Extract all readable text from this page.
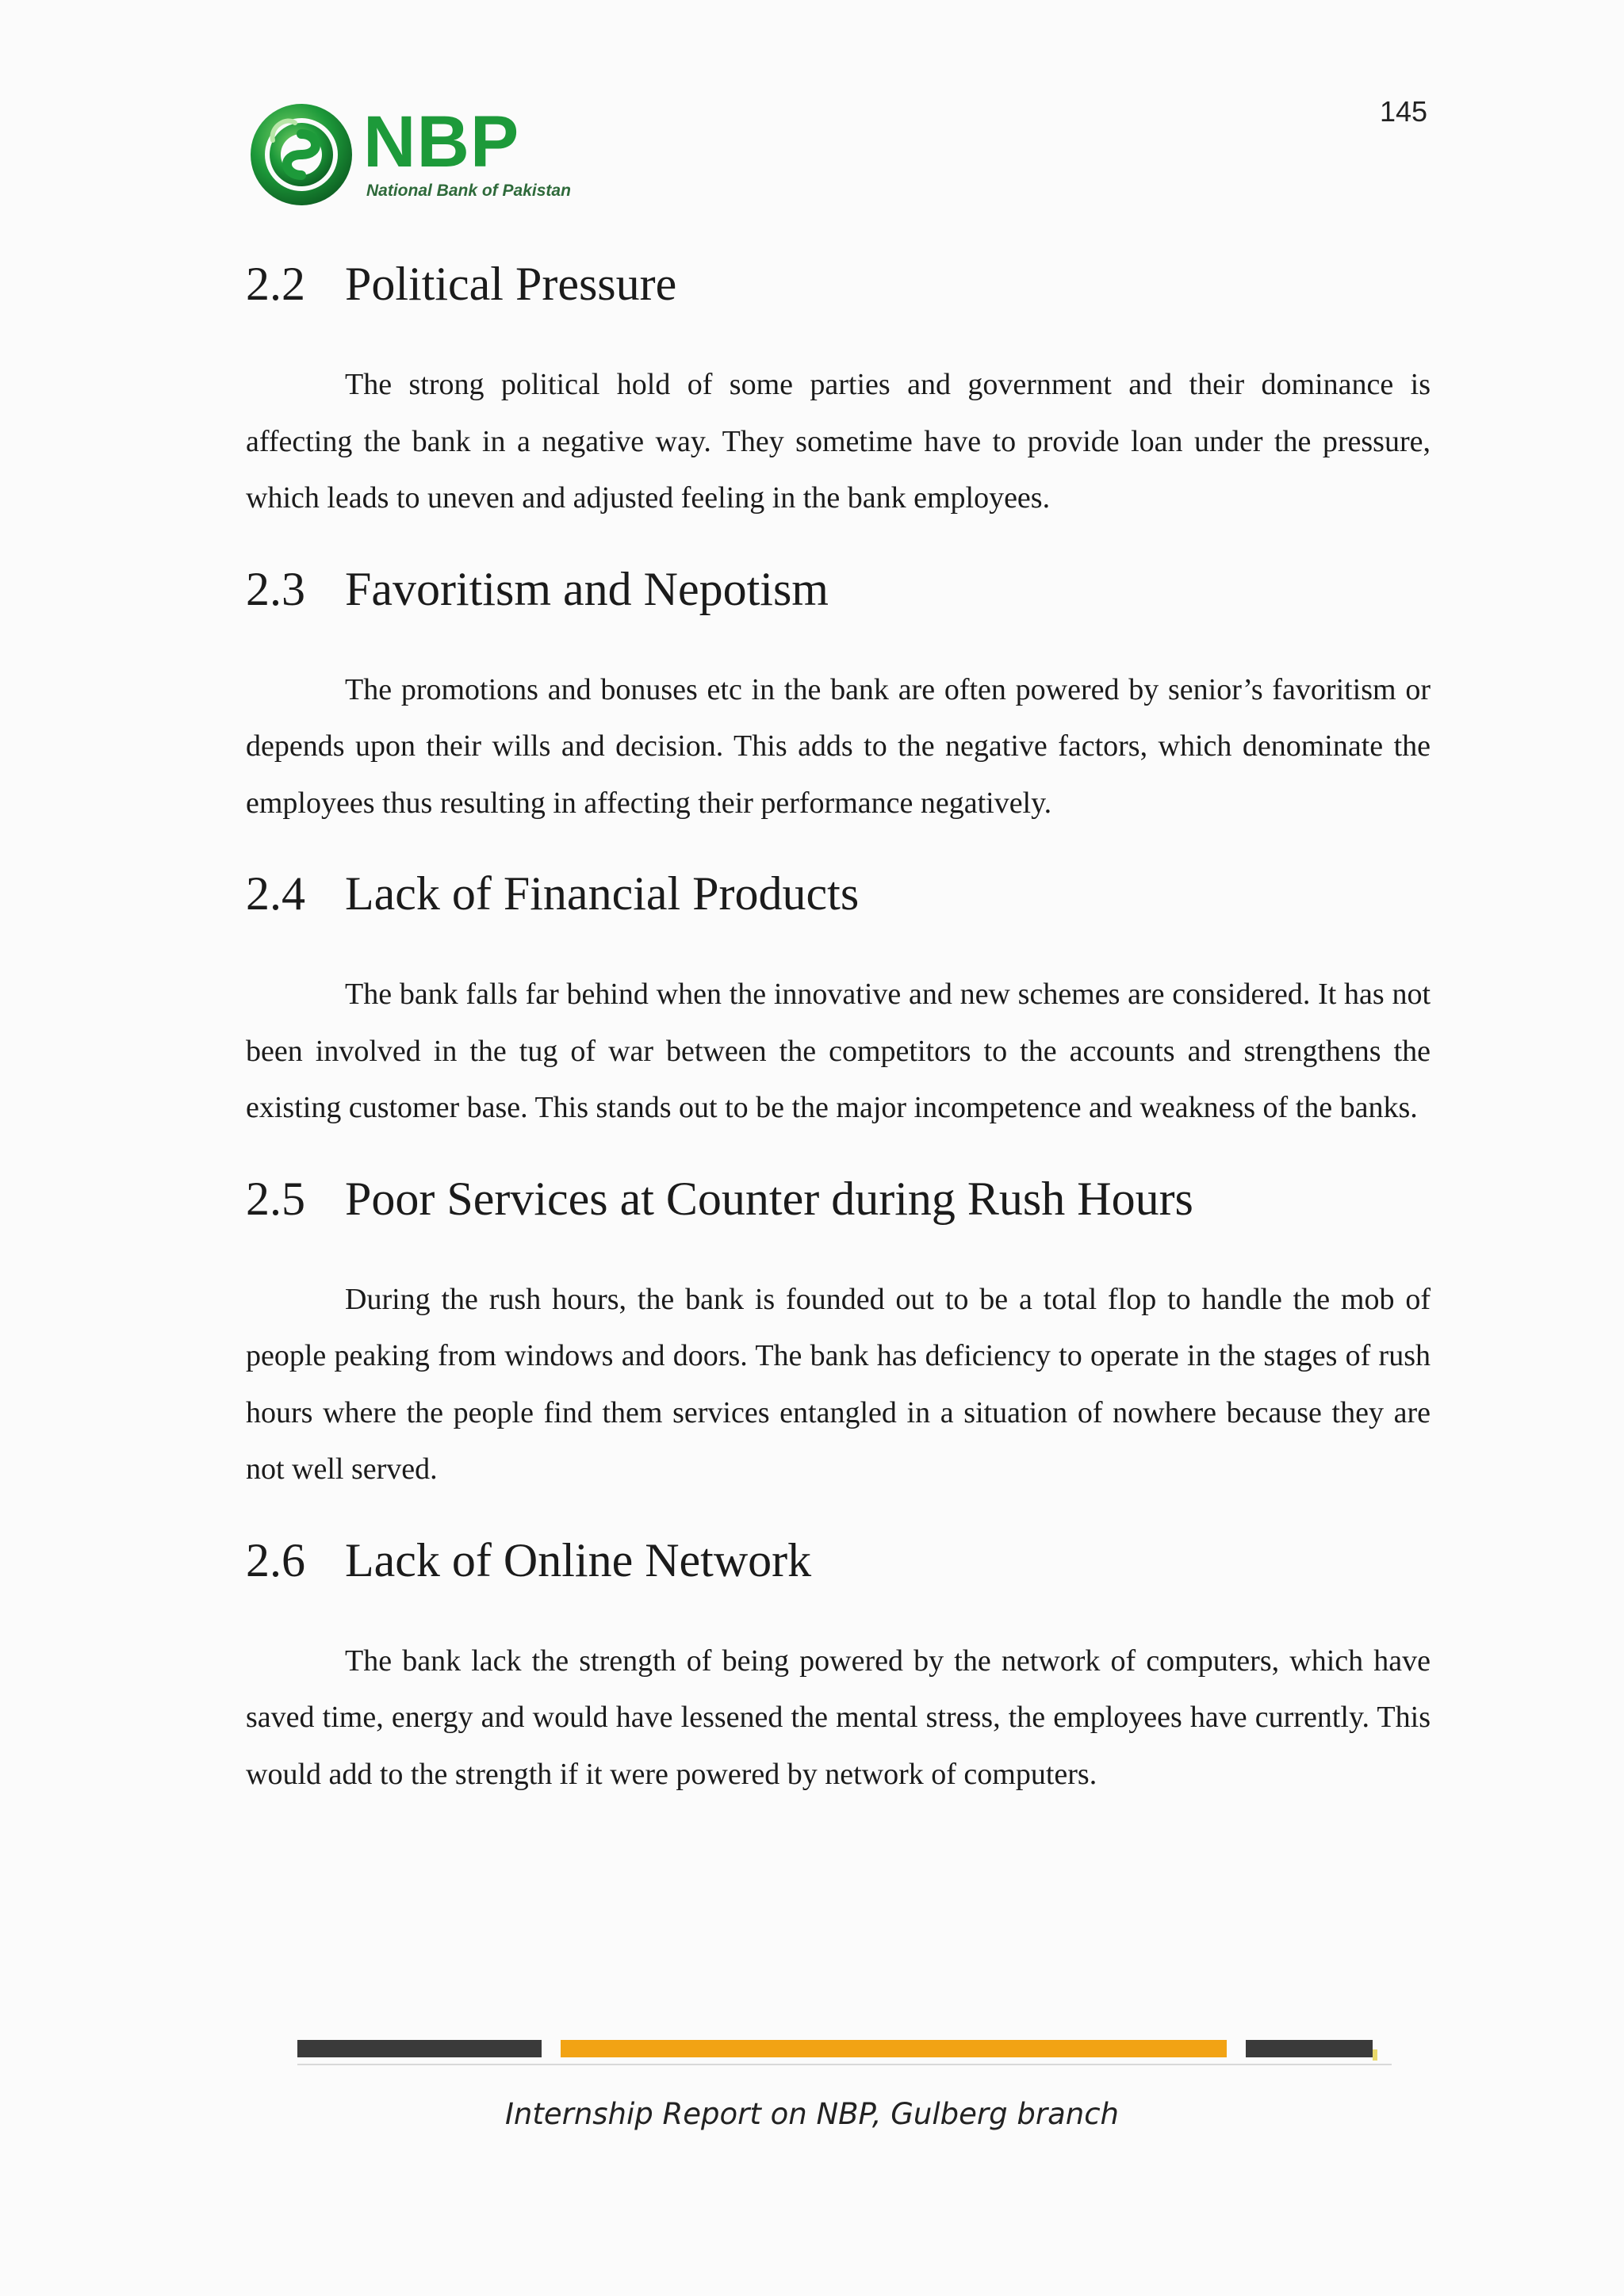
145
NBP
National Bank of Pakistan
2.2 Political Pressure

The strong political hold of some parties and government and their dominance is affecting the bank in a negative way. They sometime have to provide loan under the pressure, which leads to uneven and adjusted feeling in the bank employees.

2.3 Favoritism and Nepotism

The promotions and bonuses etc in the bank are often powered by senior’s favoritism or depends upon their wills and decision. This adds to the negative factors, which denominate the employees thus resulting in affecting their performance negatively.

2.4 Lack of Financial Products

The bank falls far behind when the innovative and new schemes are considered. It has not been involved in the tug of war between the competitors to the accounts and strengthens the existing customer base. This stands out to be the major incompetence and weakness of the banks.

2.5 Poor Services at Counter during Rush Hours

During the rush hours, the bank is founded out to be a total flop to handle the mob of people peaking from windows and doors. The bank has deficiency to operate in the stages of rush hours where the people find them services entangled in a situation of nowhere because they are not well served.

2.6 Lack of Online Network

The bank lack the strength of being powered by the network of computers, which have saved time, energy and would have lessened the mental stress, the employees have currently. This would add to the strength if it were powered by network of computers.

Internship Report on NBP, Gulberg branch
